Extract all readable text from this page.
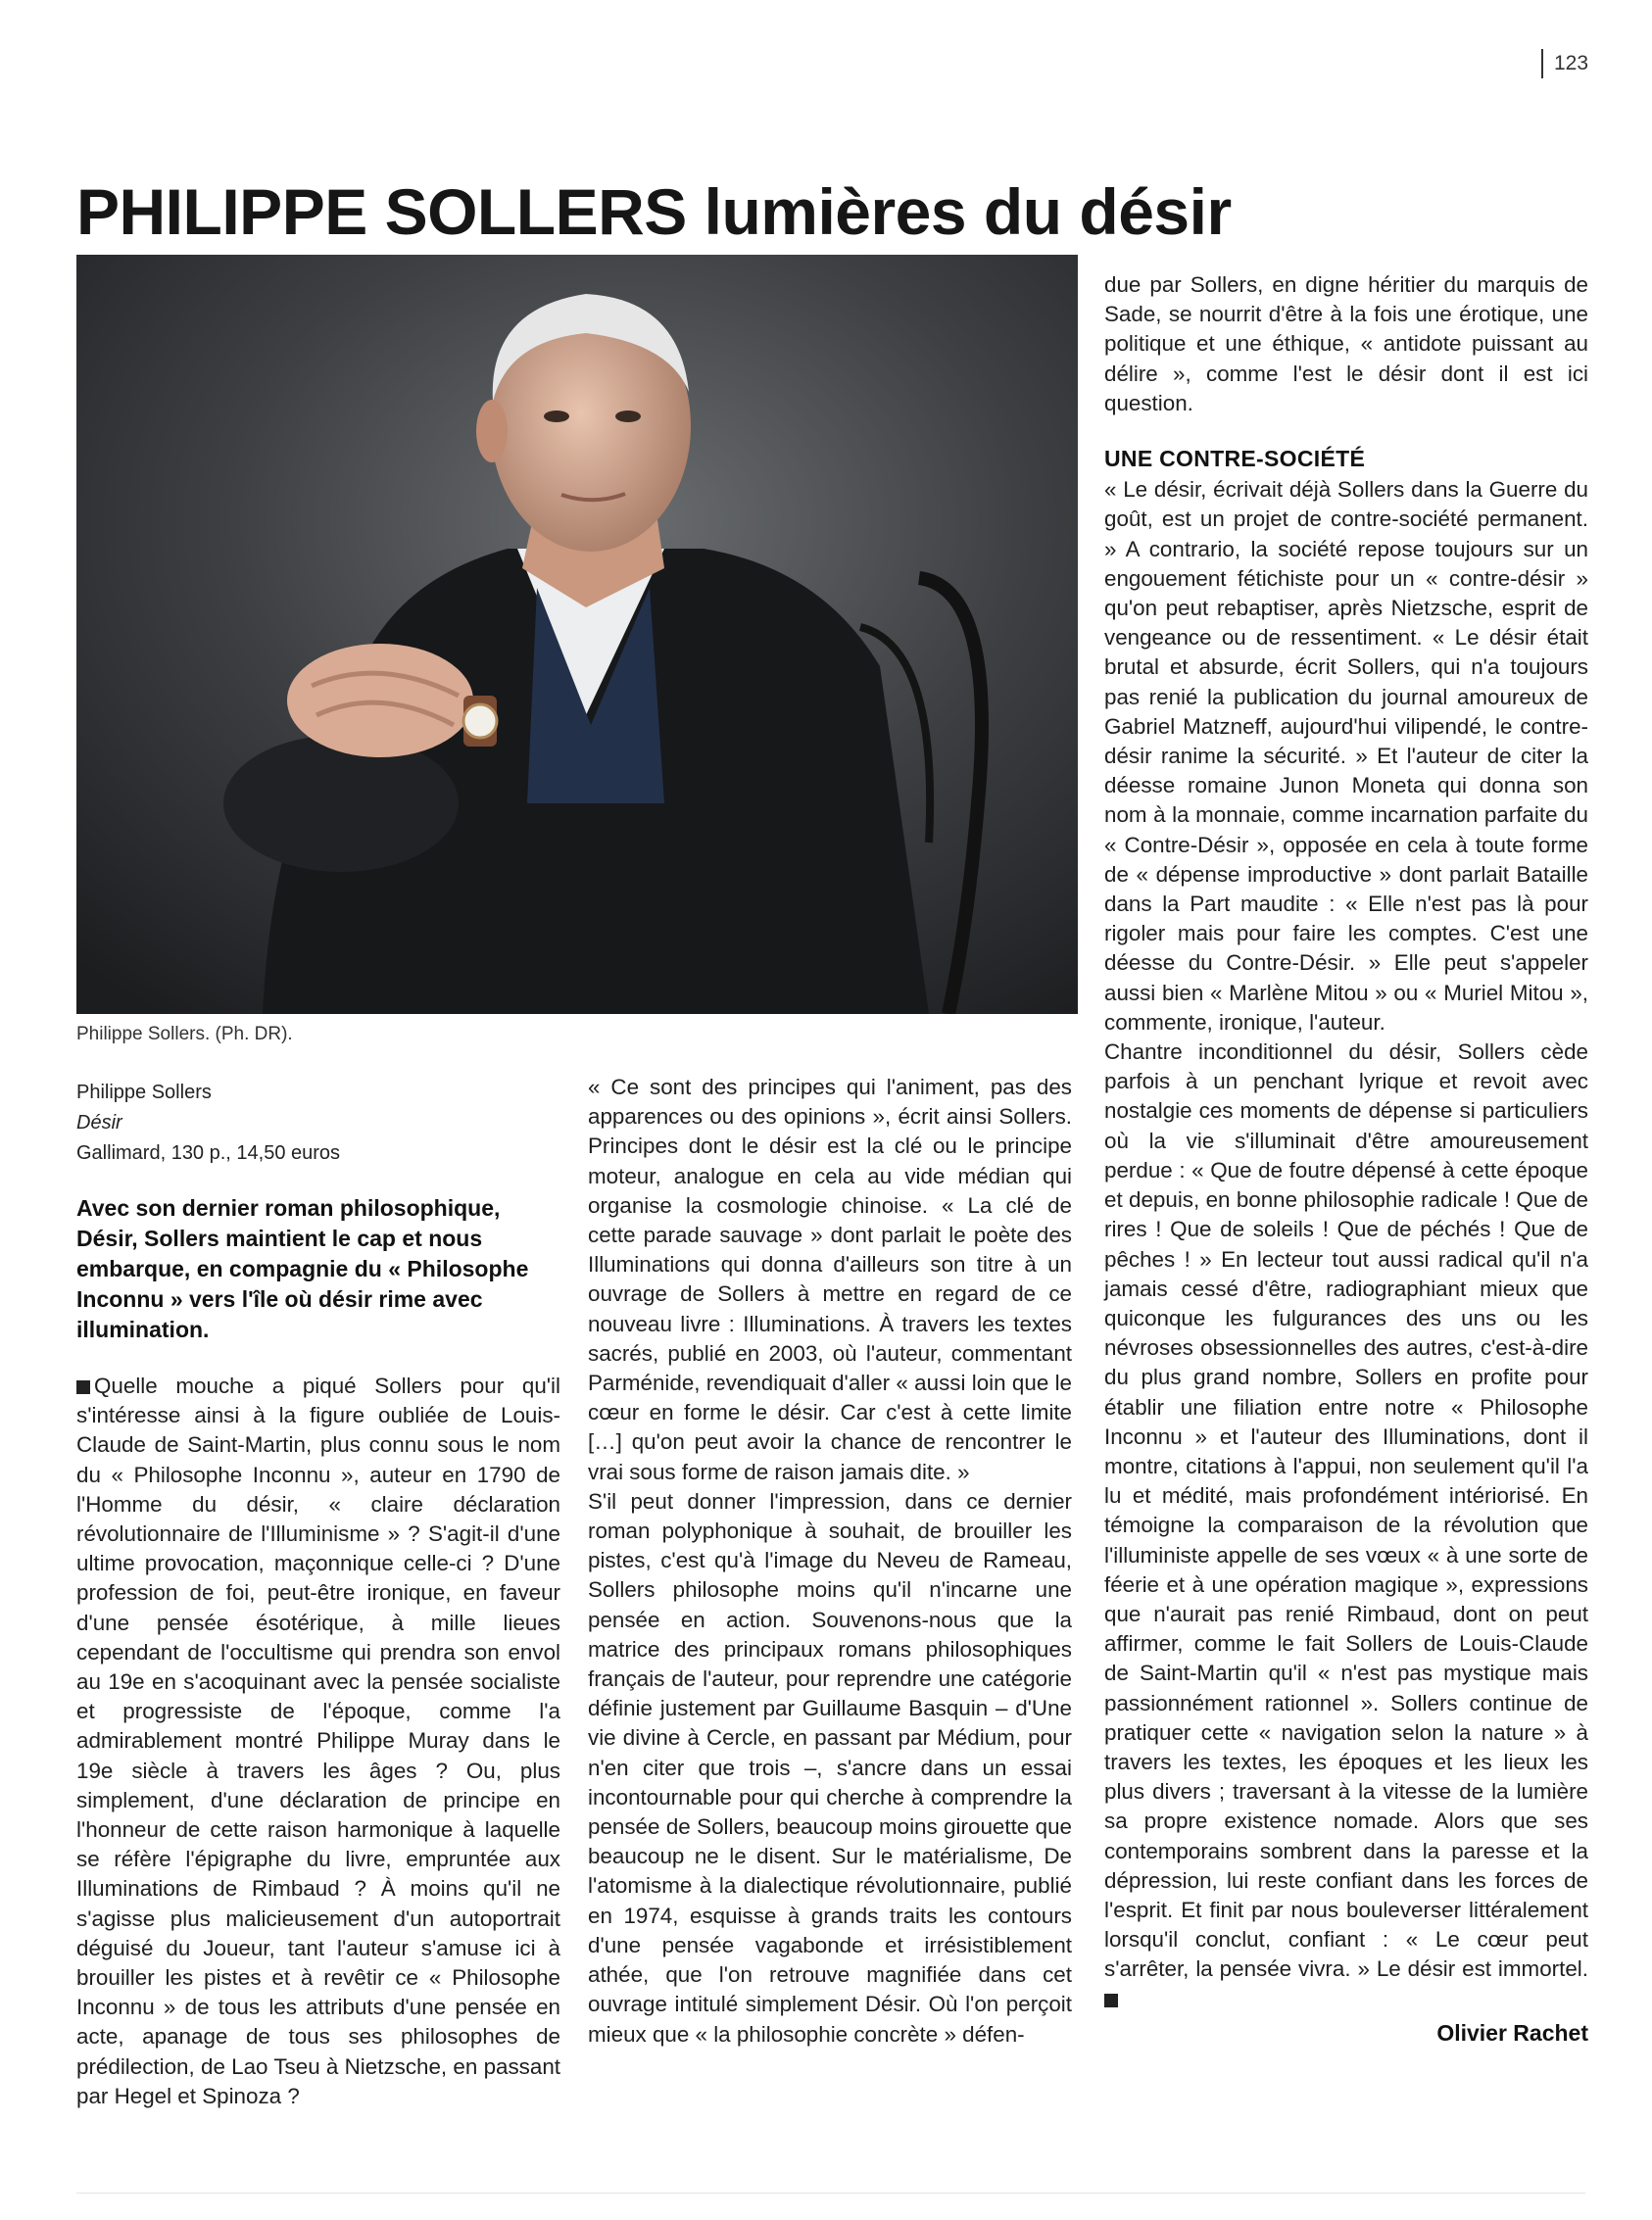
123
PHILIPPE SOLLERS lumières du désir

Philippe Sollers. (Ph. DR).

Philippe Sollers

Désir

Gallimard, 130 p., 14,50 euros

Avec son dernier roman philosophique, Désir, Sollers maintient le cap et nous embarque, en compagnie du « Philosophe Inconnu » vers l'île où désir rime avec illumination.

Quelle mouche a piqué Sollers pour qu'il s'intéresse ainsi à la figure oubliée de Louis-Claude de Saint-Martin, plus connu sous le nom du « Philosophe Inconnu », auteur en 1790 de l'Homme du désir, « claire déclaration révolutionnaire de l'Illuminisme » ? S'agit-il d'une ultime provocation, maçonnique celle-ci ? D'une profession de foi, peut-être ironique, en faveur d'une pensée ésotérique, à mille lieues cependant de l'occultisme qui prendra son envol au 19e en s'acoquinant avec la pensée socialiste et progressiste de l'époque, comme l'a admirablement montré Philippe Muray dans le 19e siècle à travers les âges ? Ou, plus simplement, d'une déclaration de principe en l'honneur de cette raison harmonique à laquelle se réfère l'épigraphe du livre, empruntée aux Illuminations de Rimbaud ? À moins qu'il ne s'agisse plus malicieusement d'un autoportrait déguisé du Joueur, tant l'auteur s'amuse ici à brouiller les pistes et à revêtir ce « Philosophe Inconnu » de tous les attributs d'une pensée en acte, apanage de tous ses philosophes de prédilection, de Lao Tseu à Nietzsche, en passant par Hegel et Spinoza ?

« Ce sont des principes qui l'animent, pas des apparences ou des opinions », écrit ainsi Sollers. Principes dont le désir est la clé ou le principe moteur, analogue en cela au vide médian qui organise la cosmologie chinoise. « La clé de cette parade sauvage » dont parlait le poète des Illuminations qui donna d'ailleurs son titre à un ouvrage de Sollers à mettre en regard de ce nouveau livre : Illuminations. À travers les textes sacrés, publié en 2003, où l'auteur, commentant Parménide, revendiquait d'aller « aussi loin que le cœur en forme le désir. Car c'est à cette limite […] qu'on peut avoir la chance de rencontrer le vrai sous forme de raison jamais dite. »

S'il peut donner l'impression, dans ce dernier roman polyphonique à souhait, de brouiller les pistes, c'est qu'à l'image du Neveu de Rameau, Sollers philosophe moins qu'il n'incarne une pensée en action. Souvenons-nous que la matrice des principaux romans philosophiques français de l'auteur, pour reprendre une catégorie définie justement par Guillaume Basquin – d'Une vie divine à Cercle, en passant par Médium, pour n'en citer que trois –, s'ancre dans un essai incontournable pour qui cherche à comprendre la pensée de Sollers, beaucoup moins girouette que beaucoup ne le disent. Sur le matérialisme, De l'atomisme à la dialectique révolutionnaire, publié en 1974, esquisse à grands traits les contours d'une pensée vagabonde et irrésistiblement athée, que l'on retrouve magnifiée dans cet ouvrage intitulé simplement Désir. Où l'on perçoit mieux que « la philosophie concrète » défen-

due par Sollers, en digne héritier du marquis de Sade, se nourrit d'être à la fois une érotique, une politique et une éthique, « antidote puissant au délire », comme l'est le désir dont il est ici question.

UNE CONTRE-SOCIÉTÉ

« Le désir, écrivait déjà Sollers dans la Guerre du goût, est un projet de contre-société permanent. » A contrario, la société repose toujours sur un engouement fétichiste pour un « contre-désir » qu'on peut rebaptiser, après Nietzsche, esprit de vengeance ou de ressentiment. « Le désir était brutal et absurde, écrit Sollers, qui n'a toujours pas renié la publication du journal amoureux de Gabriel Matzneff, aujourd'hui vilipendé, le contre-désir ranime la sécurité. » Et l'auteur de citer la déesse romaine Junon Moneta qui donna son nom à la monnaie, comme incarnation parfaite du « Contre-Désir », opposée en cela à toute forme de « dépense improductive » dont parlait Bataille dans la Part maudite : « Elle n'est pas là pour rigoler mais pour faire les comptes. C'est une déesse du Contre-Désir. » Elle peut s'appeler aussi bien « Marlène Mitou » ou « Muriel Mitou », commente, ironique, l'auteur.

Chantre inconditionnel du désir, Sollers cède parfois à un penchant lyrique et revoit avec nostalgie ces moments de dépense si particuliers où la vie s'illuminait d'être amoureusement perdue : « Que de foutre dépensé à cette époque et depuis, en bonne philosophie radicale ! Que de rires ! Que de soleils ! Que de péchés ! Que de pêches ! » En lecteur tout aussi radical qu'il n'a jamais cessé d'être, radiographiant mieux que quiconque les fulgurances des uns ou les névroses obsessionnelles des autres, c'est-à-dire du plus grand nombre, Sollers en profite pour établir une filiation entre notre « Philosophe Inconnu » et l'auteur des Illuminations, dont il montre, citations à l'appui, non seulement qu'il l'a lu et médité, mais profondément intériorisé. En témoigne la comparaison de la révolution que l'illuministe appelle de ses vœux « à une sorte de féerie et à une opération magique », expressions que n'aurait pas renié Rimbaud, dont on peut affirmer, comme le fait Sollers de Louis-Claude de Saint-Martin qu'il « n'est pas mystique mais passionnément rationnel ». Sollers continue de pratiquer cette « navigation selon la nature » à travers les textes, les époques et les lieux les plus divers ; traversant à la vitesse de la lumière sa propre existence nomade. Alors que ses contemporains sombrent dans la paresse et la dépression, lui reste confiant dans les forces de l'esprit. Et finit par nous bouleverser littéralement lorsqu'il conclut, confiant : « Le cœur peut s'arrêter, la pensée vivra. » Le désir est immortel.

Olivier Rachet
